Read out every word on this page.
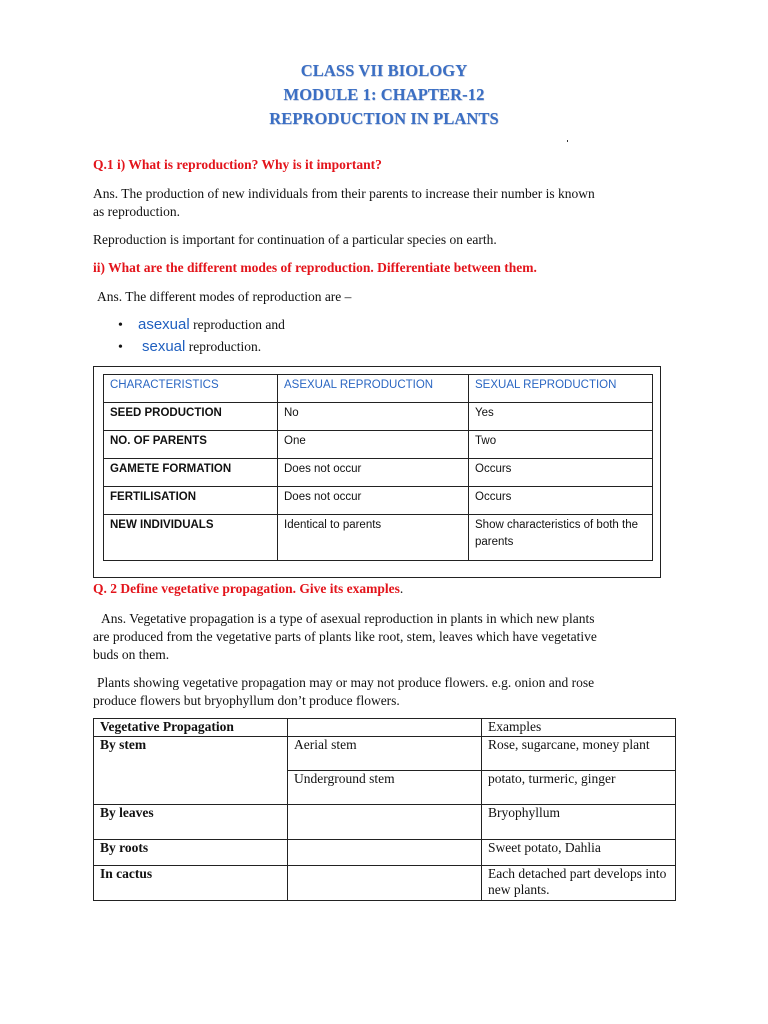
CLASS VII BIOLOGY
MODULE 1: CHAPTER-12
REPRODUCTION IN PLANTS
Q.1 i) What is reproduction? Why is it important?
Ans. The production of new individuals from their parents to increase their number is known
as reproduction.
Reproduction is important for continuation of a particular species on earth.
ii) What are the different modes of reproduction. Differentiate between them.
Ans. The different modes of reproduction are –
• asexual reproduction and
• sexual reproduction.
CHARACTERISTICS	ASEXUAL REPRODUCTION	SEXUAL REPRODUCTION
SEED PRODUCTION	No	Yes
NO. OF PARENTS	One	Two
GAMETE FORMATION	Does not occur	Occurs
FERTILISATION	Does not occur	Occurs
NEW INDIVIDUALS	Identical to parents	Show characteristics of both the parents
Q. 2 Define vegetative propagation. Give its examples.
Ans. Vegetative propagation is a type of asexual reproduction in plants in which new plants
are produced from the vegetative parts of plants like root, stem, leaves which have vegetative
buds on them.
Plants showing vegetative propagation may or may not produce flowers. e.g. onion and rose
produce flowers but bryophyllum don’t produce flowers.
Vegetative Propagation		Examples
By stem	Aerial stem	Rose, sugarcane, money plant
	Underground stem	potato, turmeric, ginger
By leaves		Bryophyllum
By roots		Sweet potato, Dahlia
In cactus		Each detached part develops into new plants.
